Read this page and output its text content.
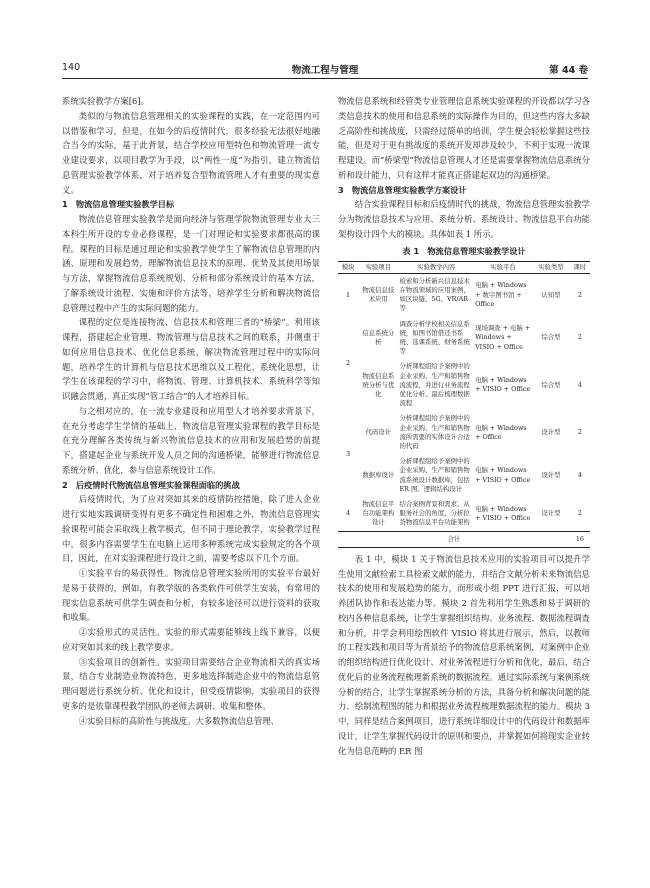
140	物流工程与管理	第 44 卷

系统实验教学方案[6]。

类似的与物流信息管理相关的实验课程的实践，在一定范围内可以借鉴和学习，但是，在如今的后疫情时代，很多经验无法很好地融合当今的实际，基于此背景，结合学校应用型特色和物流管理一流专业建设要求，以项目教学为手段，以“两性一度”为指引，建立物流信息管理实验教学体系，对于培养复合型物流管理人才有重要的现实意义。

1　物流信息管理实验教学目标

物流信息管理实验教学是面向经济与管理学院物流管理专业大三本科生所开设的专业必修课程，是一门对理论和实验要求都很高的课程。课程的目标是通过理论和实验教学使学生了解物流信息管理的内涵、原理和发展趋势，理解物流信息技术的原理、优势及其使用场景与方法，掌握物流信息系统规划、分析和部分系统设计的基本方法，了解系统设计流程、实施和评价方法等，培养学生分析和解决物流信息管理过程中产生的实际问题的能力。

课程的定位是连接物流、信息技术和管理三者的“桥梁”。利用该课程，搭建起企业管理、物流管理与信息技术之间的联系，并侧重于如何应用信息技术、优化信息系统，解决物流管理过程中的实际问题，培养学生的计算机与信息技术思维以及工程化、系统化思想，让学生在该课程的学习中，将物流、管理、计算机技术、系统科学等知识融会贯通，真正实现“管工结合”的人才培养目标。

与之相对应的，在一流专业建设和应用型人才培养要求背景下，在充分考虑学生学情的基础上，物流信息管理实验课程的教学目标是在充分理解各类传统与新兴物流信息技术的应用和发展趋势的前提下，搭建起企业与系统开发人员之间的沟通桥梁，能够进行物流信息系统分析、优化，参与信息系统设计工作。

2　后疫情时代物流信息管理实验课程面临的挑战

后疫情时代，为了应对突如其来的疫情防控措施，除了进入企业进行实地实践调研变得有更多不确定性和困难之外，物流信息管理实验课程可能会采取线上教学模式，但不同于理论教学，实验教学过程中，很多内容需要学生在电脑上运用多种系统完成实验规定的各个项目，因此，在对实验课程进行设计之前，需要考虑以下几个方面。

①实验平台的易获得性。物流信息管理实验所用的实验平台最好是易于获得的，例如，有教学版的各类软件可供学生安装，有常用的现实信息系统可供学生调查和分析，有较多途径可以进行资料的获取和收集。

②实验形式的灵活性。实验的形式需要能够线上线下兼容，以便应对突如其来的线上教学要求。

③实验项目的创新性。实验项目需要结合企业物流相关的真实场景，结合专业制造业物流特色，更多地选择制造企业中的物流信息管理问题进行系统分析、优化和设计，但受疫情影响，实验项目的获得更多的是依靠课程教学团队的老师去调研、收集和整体。

④实验目标的高阶性与挑战度。大多数物流信息管理、

物流信息系统和经管类专业管理信息系统实验课程的开设都以学习各类信息技术的使用和信息系统的实际操作为目的，但这些内容大多缺乏高阶性和挑战度，只需经过简单的培训，学生便会轻松掌握这些技能，但是对于更有挑战度的系统开发却涉及较少，不利于实现一流课程建设。而“桥梁型”物流信息管理人才还是需要掌握物流信息系统分析和设计能力，只有这样才能真正搭建起双边的沟通桥梁。

3　物流信息管理实验教学方案设计

结合实验课程目标和后疫情时代的挑战，物流信息管理实验教学分为物流信息技术与应用、系统分析、系统设计、物流信息平台功能架构设计四个大的模块。具体如表 1 所示。

表 1　物流信息管理实验教学设计
模块	实验项目	实验教学内容	实验平台	实验类型	课时
1	物流信息技术应用	检索和分析新兴信息技术在物流领域的应用案例，如区块链、5G、VR/AR 等	电脑 + Windows + 数字图书馆 + Office	认知型	2
2	信息系统分析	调查分析学校相关信息系统，如图书馆借还书系统、选课系统、财务系统等	现场调查 + 电脑 + Windows + VISIO + Office	综合型	2
	物流信息系统分析与优化	分析课程组给予案例中的企业采购、生产和销售物流流程，并进行业务流程优化分析、最后梳理数据流程	电脑 + Windows + VISIO + Office	综合型	4
3	代码设计	分析课程组给予案例中的企业采购、生产和销售物流所需要的实体设计合适的代码	电脑 + Windows + Office	设计型	2
	数据库设计	分析课程组给予案例中的企业采购、生产和销售物流系统设计数据库，包括 ER 图、逻辑结构设计	电脑 + Windows + VISIO + Office	设计型	4
4	物流信息平台功能架构设计	结合案例背景和需求，从服务社会的角度，分析拉货物流信息平台功能架构	电脑 + Windows + VISIO + Office	设计型	2
合计					16

表 1 中，模块 1 关于物流信息技术应用的实验项目可以提升学生使用文献检索工具检索文献的能力，并结合文献分析未来物流信息技术的使用和发展趋势的能力，而形成小组 PPT 进行汇报，可以培养团队协作和表达能力等。模块 2 首先利用学生熟悉和易于调研的校内各种信息系统，让学生掌握组织结构、业务流程、数据流程调查和分析，并学会利用绘图软件 VISIO 将其进行展示，然后，以教师的工程实践和项目等为背景给予的物流信息系统案例，对案例中企业的组织结构进行优化设计、对业务流程进行分析和优化，最后，结合优化后的业务流程梳理新系统的数据流程。通过实际系统与案例系统分析的结合，让学生掌握系统分析的方法，具备分析和解决问题的能力、绘制流程图的能力和根据业务流程梳理数据流程的能力。模块 3 中，同样是结合案例项目，进行系统详细设计中的代码设计和数据库设计，让学生掌握代码设计的原则和要点，并掌握如何将现实企业转化为信息范畴的 ER 图
